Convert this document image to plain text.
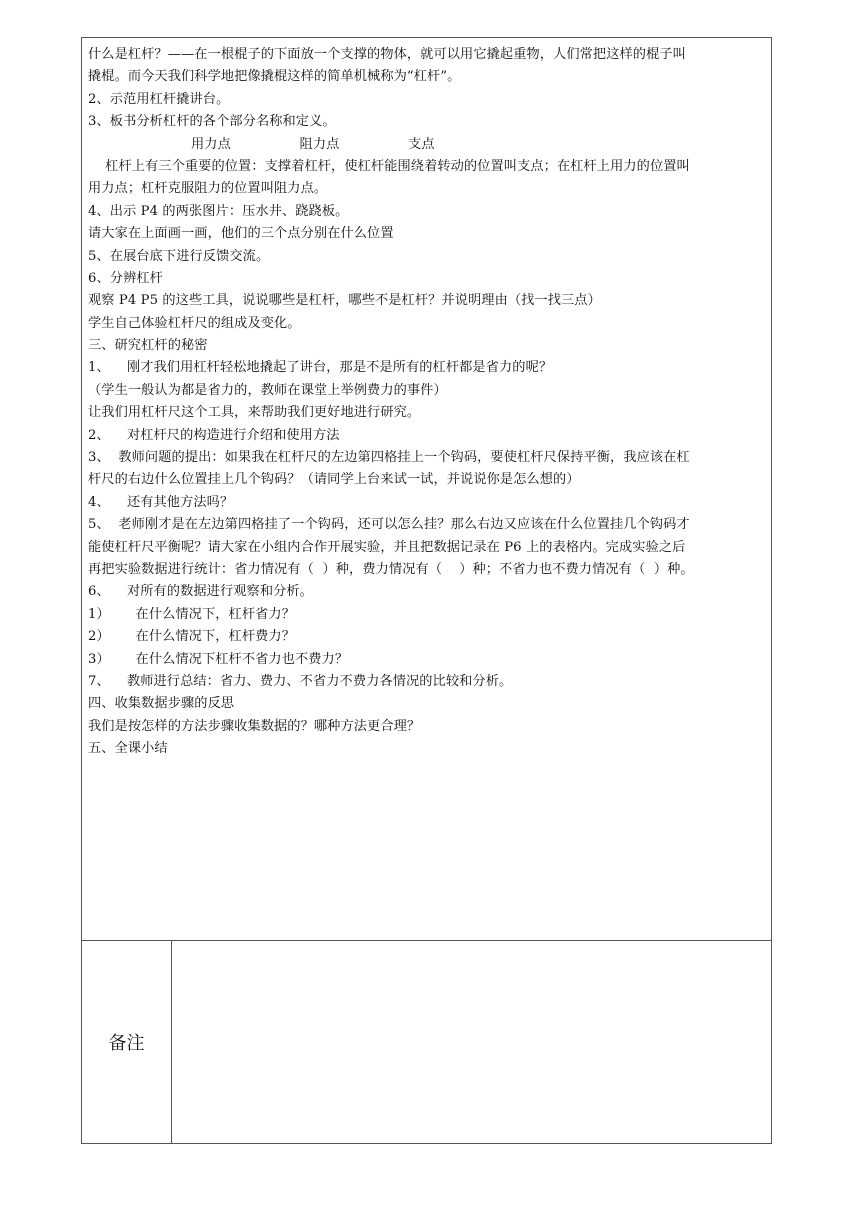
什么是杠杆？——在一根棍子的下面放一个支撑的物体，就可以用它撬起重物，人们常把这样的棍子叫
撬棍。而今天我们科学地把像撬棍这样的简单机械称为“杠杆”。
2、示范用杠杆撬讲台。
3、板书分析杠杆的各个部分名称和定义。
用力点                阻力点                支点
杠杆上有三个重要的位置：支撑着杠杆，使杠杆能围绕着转动的位置叫支点；在杠杆上用力的位置叫
用力点；杠杆克服阻力的位置叫阻力点。
4、出示 P4 的两张图片：压水井、跷跷板。
请大家在上面画一画，他们的三个点分别在什么位置
5、在展台底下进行反馈交流。
6、分辨杠杆
观察 P4 P5 的这些工具，说说哪些是杠杆，哪些不是杠杆？并说明理由（找一找三点）
学生自己体验杠杆尺的组成及变化。
三、研究杠杆的秘密
1、    刚才我们用杠杆轻松地撬起了讲台，那是不是所有的杠杆都是省力的呢？
（学生一般认为都是省力的，教师在课堂上举例费力的事件）
让我们用杠杆尺这个工具，来帮助我们更好地进行研究。
2、    对杠杆尺的构造进行介绍和使用方法
3、  教师问题的提出：如果我在杠杆尺的左边第四格挂上一个钩码，要使杠杆尺保持平衡，我应该在杠
杆尺的右边什么位置挂上几个钩码？（请同学上台来试一试，并说说你是怎么想的）
4、    还有其他方法吗？
5、  老师刚才是在左边第四格挂了一个钩码，还可以怎么挂？那么右边又应该在什么位置挂几个钩码才
能使杠杆尺平衡呢？请大家在小组内合作开展实验，并且把数据记录在 P6 上的表格内。完成实验之后
再把实验数据进行统计：省力情况有（  ）种，费力情况有（    ）种；不省力也不费力情况有（  ）种。
6、    对所有的数据进行观察和分析。
1）      在什么情况下，杠杆省力？
2）      在什么情况下，杠杆费力？
3）      在什么情况下杠杆不省力也不费力？
7、    教师进行总结：省力、费力、不省力不费力各情况的比较和分析。
四、收集数据步骤的反思
我们是按怎样的方法步骤收集数据的？哪种方法更合理？
五、全课小结
备注
